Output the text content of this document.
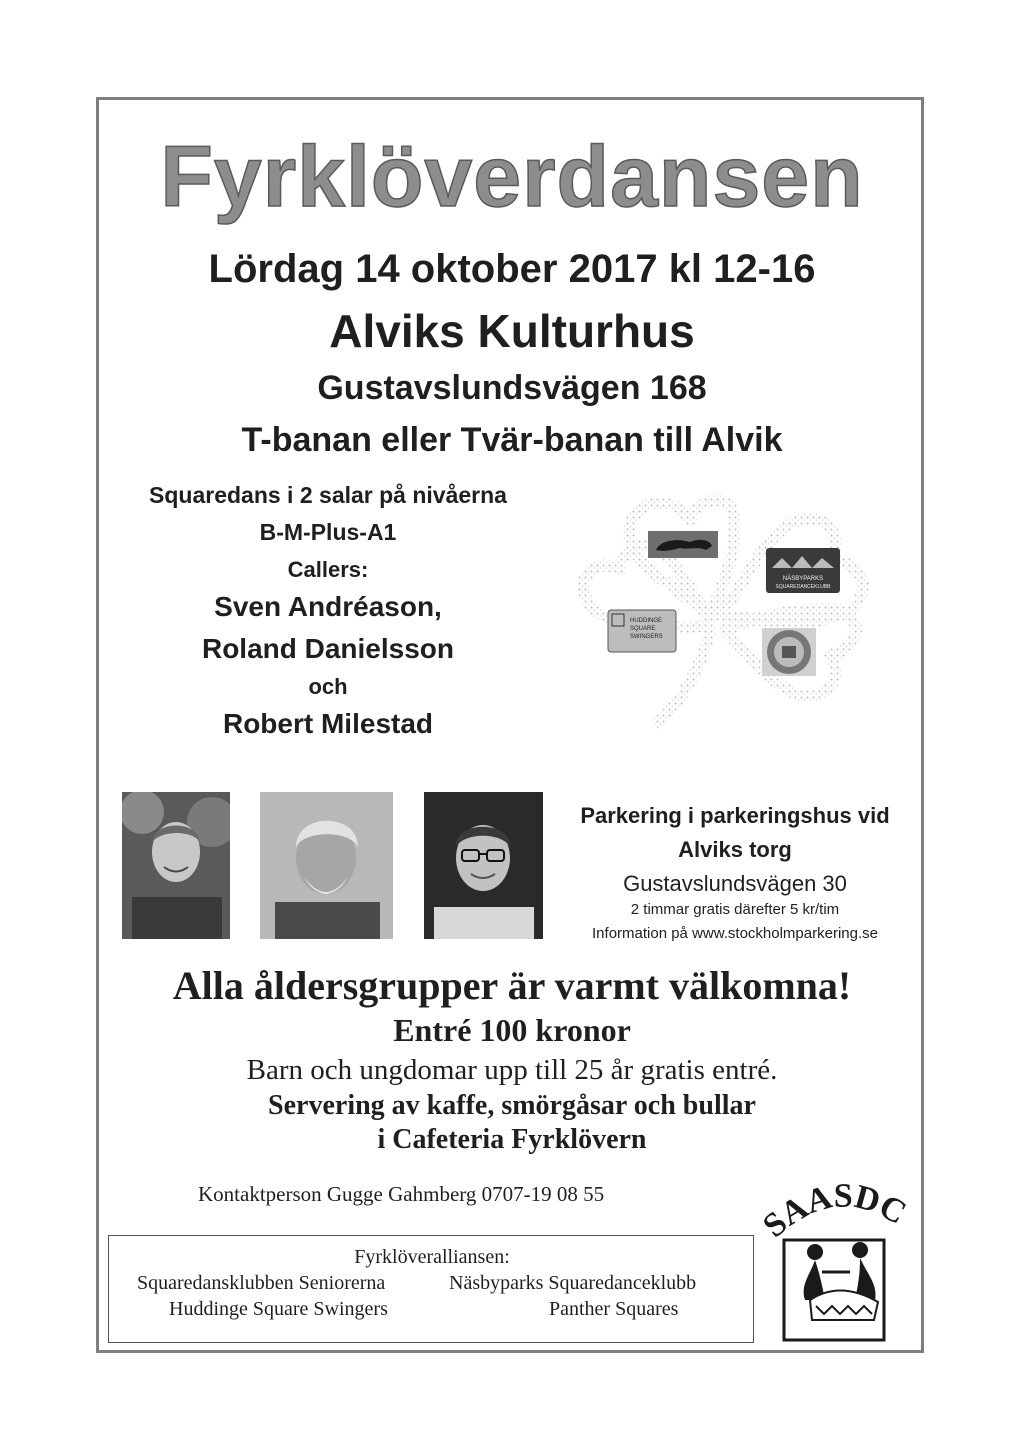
Fyrklöverdansen
Lördag 14 oktober 2017 kl 12-16
Alviks Kulturhus
Gustavslundsvägen 168
T-banan eller Tvär-banan till Alvik
Squaredans i 2 salar på nivåerna
B-M-Plus-A1
Callers:
Sven Andréason,
Roland Danielsson
och
Robert Milestad
NÄSBYPARKS
SQUAREDANCEKLUBB
HUDDINGE
SQUARE
SWINGERS
Parkering i parkeringshus vid
Alviks torg
Gustavslundsvägen 30
2 timmar gratis därefter 5 kr/tim
Information på www.stockholmparkering.se
Alla åldersgrupper är varmt välkomna!
Entré 100 kronor
Barn och ungdomar upp till 25 år gratis entré.
Servering av kaffe, smörgåsar och bullar
i Cafeteria Fyrklövern
Kontaktperson Gugge Gahmberg 0707-19 08 55
Fyrklöveralliansen:
Squaredansklubben Seniorerna	Näsbyparks Squaredanceklubb
Huddinge Square Swingers	Panther Squares
SAASDC
